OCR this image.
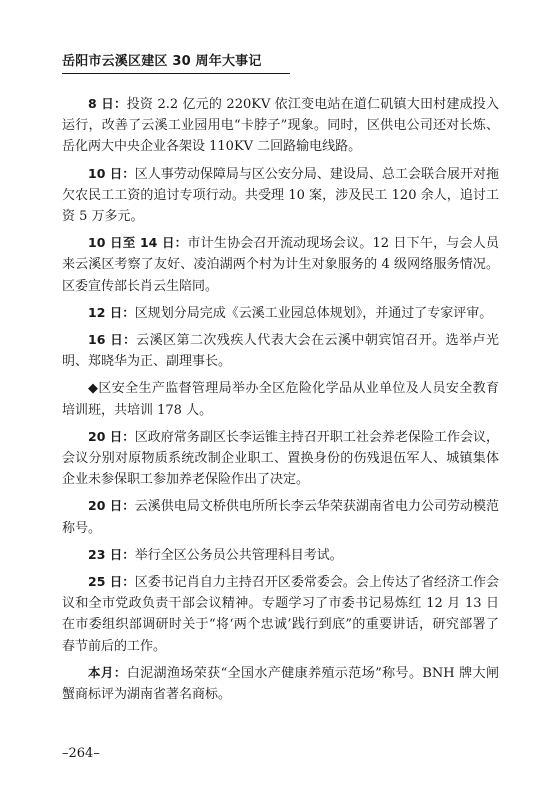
岳阳市云溪区建区 30 周年大事记

8 日：投资 2.2 亿元的 220KV 依江变电站在道仁矶镇大田村建成投入运行，改善了云溪工业园用电“卡脖子”现象。同时，区供电公司还对长炼、岳化两大中央企业各架设 110KV 二回路输电线路。

10 日：区人事劳动保障局与区公安分局、建设局、总工会联合展开对拖欠农民工工资的追讨专项行动。共受理 10 案，涉及民工 120 余人，追讨工资 5 万多元。

10 日至 14 日：市计生协会召开流动现场会议。12 日下午，与会人员来云溪区考察了友好、凌泊湖两个村为计生对象服务的 4 级网络服务情况。区委宣传部长肖云生陪同。

12 日：区规划分局完成《云溪工业园总体规划》，并通过了专家评审。

16 日：云溪区第二次残疾人代表大会在云溪中朝宾馆召开。选举卢光明、郑晓华为正、副理事长。

◆区安全生产监督管理局举办全区危险化学品从业单位及人员安全教育培训班，共培训 178 人。

20 日：区政府常务副区长李运锥主持召开职工社会养老保险工作会议，会议分别对原物质系统改制企业职工、置换身份的伤残退伍军人、城镇集体企业未参保职工参加养老保险作出了决定。

20 日：云溪供电局文桥供电所所长李云华荣获湖南省电力公司劳动模范称号。

23 日：举行全区公务员公共管理科目考试。

25 日：区委书记肖自力主持召开区委常委会。会上传达了省经济工作会议和全市党政负责干部会议精神。专题学习了市委书记易炼红 12 月 13 日在市委组织部调研时关于“将‘两个忠诚’践行到底”的重要讲话，研究部署了春节前后的工作。

本月：白泥湖渔场荣获“全国水产健康养殖示范场”称号。BNH 牌大闸蟹商标评为湖南省著名商标。

–264–
